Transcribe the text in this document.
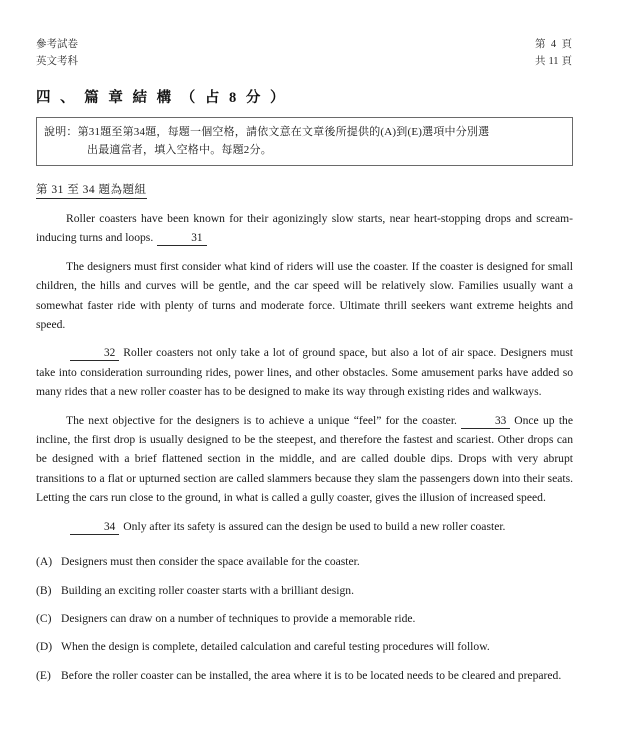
參考試卷
英文考科
第 4 頁
共 11 頁
四 、 篇 章 結 構 （ 占 8 分 ）
說明：第31題至第34題，每題一個空格，請依文意在文章後所提供的(A)到(E)選項中分別選
出最適當者，填入空格中。每題2分。
第 31 至 34 題為題組

Roller coasters have been known for their agonizingly slow starts, near heart-stopping drops and scream-inducing turns and loops.	31

The designers must first consider what kind of riders will use the coaster. If the coaster is designed for small children, the hills and curves will be gentle, and the car speed will be relatively slow. Families usually want a somewhat faster ride with plenty of turns and moderate force. Ultimate thrill seekers want extreme heights and speed.

32 Roller coasters not only take a lot of ground space, but also a lot of air space. Designers must take into consideration surrounding rides, power lines, and other obstacles. Some amusement parks have added so many rides that a new roller coaster has to be designed to make its way through existing rides and walkways.

The next objective for the designers is to achieve a unique “feel” for the coaster.	33 Once up the incline, the first drop is usually designed to be the steepest, and therefore the fastest and scariest. Other drops can be designed with a brief flattened section in the middle, and are called double dips. Drops with very abrupt transitions to a flat or upturned section are called slammers because they slam the passengers down into their seats. Letting the cars run close to the ground, in what is called a gully coaster, gives the illusion of increased speed.

34 Only after its safety is assured can the design be used to build a new roller coaster.

(A) Designers must then consider the space available for the coaster.
(B) Building an exciting roller coaster starts with a brilliant design.
(C) Designers can draw on a number of techniques to provide a memorable ride.
(D) When the design is complete, detailed calculation and careful testing procedures will follow.
(E) Before the roller coaster can be installed, the area where it is to be located needs to be cleared and prepared.
